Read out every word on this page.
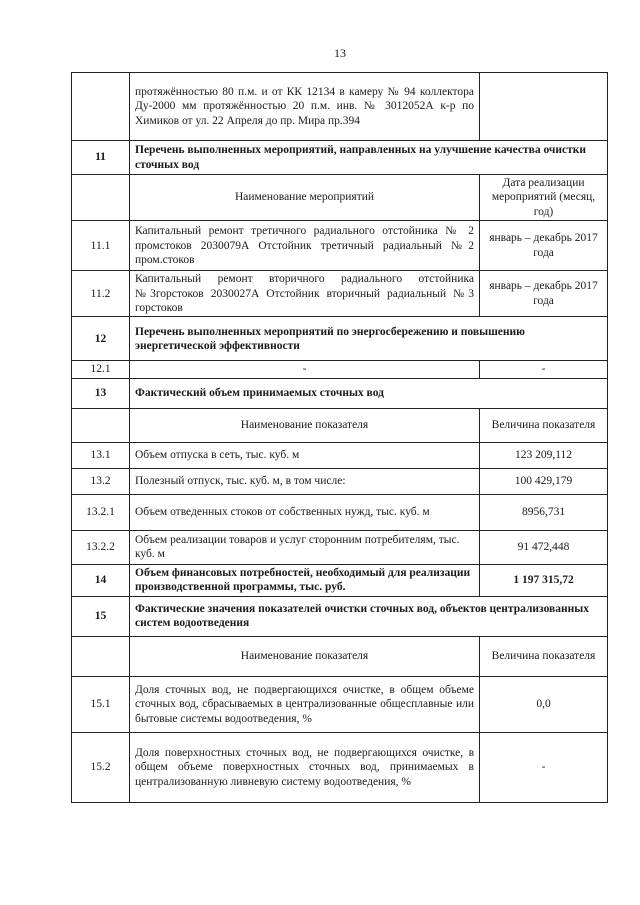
13
	протяжённостью 80 п.м. и от КК 12134 в камеру № 94 коллектора Ду-2000 мм протяжённостью 20 п.м. инв. № 3012052А к-р по Химиков от ул. 22 Апреля до пр. Мира пр.394	
11	Перечень выполненных мероприятий, направленных на улучшение качества очистки сточных вод	
	Наименование мероприятий	Дата реализации мероприятий (месяц, год)
11.1	Капитальный ремонт третичного радиального отстойника № 2 промстоков 2030079А Отстойник третичный радиальный №2 пром.стоков	январь – декабрь 2017 года
11.2	Капитальный ремонт вторичного радиального отстойника №3горстоков 2030027А Отстойник вторичный радиальный №3 горстоков	январь – декабрь 2017 года
12	Перечень выполненных мероприятий по энергосбережению и повышению энергетической эффективности	
12.1	-	-
13	Фактический объем принимаемых сточных вод	
	Наименование показателя	Величина показателя
13.1	Объем отпуска в сеть, тыс. куб. м	123 209,112
13.2	Полезный отпуск, тыс. куб. м, в том числе:	100 429,179
13.2.1	Объем отведенных стоков от собственных нужд, тыс. куб. м	8956,731
13.2.2	Объем реализации товаров и услуг сторонним потребителям, тыс. куб. м	91 472,448
14	Объем финансовых потребностей, необходимый для реализации производственной программы, тыс. руб.	1 197 315,72
15	Фактические значения показателей очистки сточных вод, объектов централизованных систем водоотведения	
	Наименование показателя	Величина показателя
15.1	Доля сточных вод, не подвергающихся очистке, в общем объеме сточных вод, сбрасываемых в централизованные общесплавные или бытовые системы водоотведения, %	0,0
15.2	Доля поверхностных сточных вод, не подвергающихся очистке, в общем объеме поверхностных сточных вод, принимаемых в централизованную ливневую систему водоотведения, %	-
